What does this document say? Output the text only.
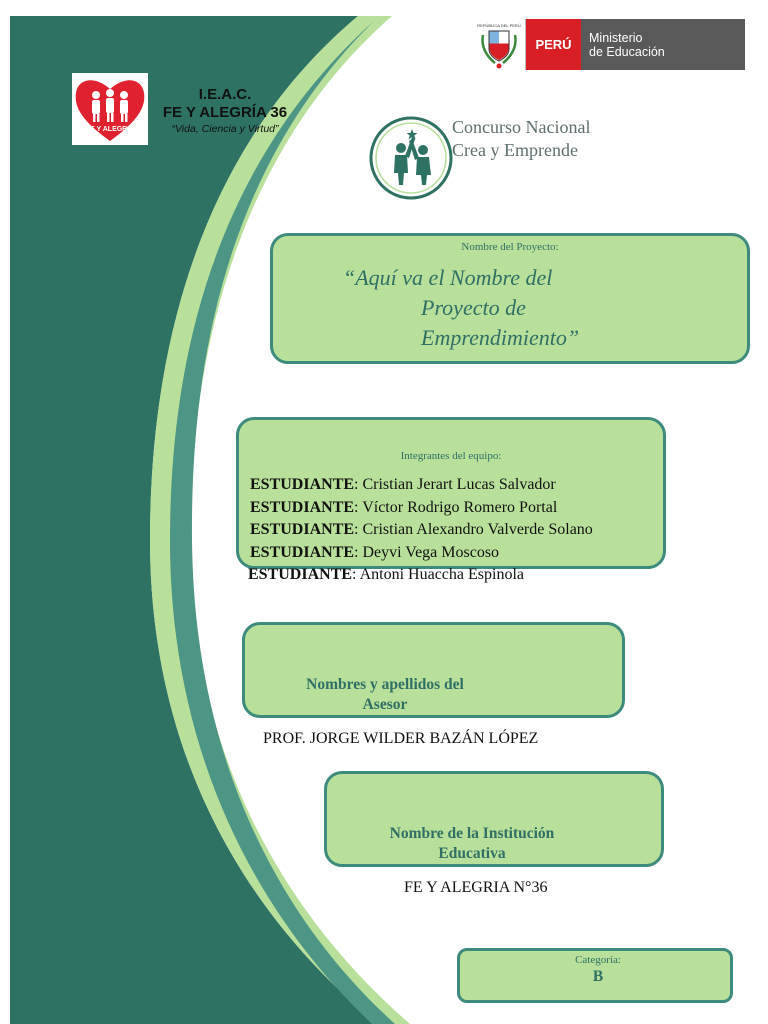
FE Y ALEGRIA
I.E.A.C.
FE Y ALEGRÍA 36
“Vida, Ciencia y Virtud”
REPÚBLICA DEL PERÚ
PERÚ	Ministerio
de Educación
Concurso Nacional
Crea y Emprende
Nombre del Proyecto:
“Aquí va el Nombre del
Proyecto de
Emprendimiento”
Integrantes del equipo:
ESTUDIANTE: Cristian Jerart Lucas Salvador
ESTUDIANTE: Víctor Rodrigo Romero Portal
ESTUDIANTE: Cristian Alexandro Valverde Solano
ESTUDIANTE: Deyvi Vega Moscoso
ESTUDIANTE: Antoni Huaccha Espinola
Nombres y apellidos del
Asesor
PROF. JORGE WILDER BAZÁN LÓPEZ
Nombre de la Institución
Educativa
FE Y ALEGRIA N°36
Categoría:
B
